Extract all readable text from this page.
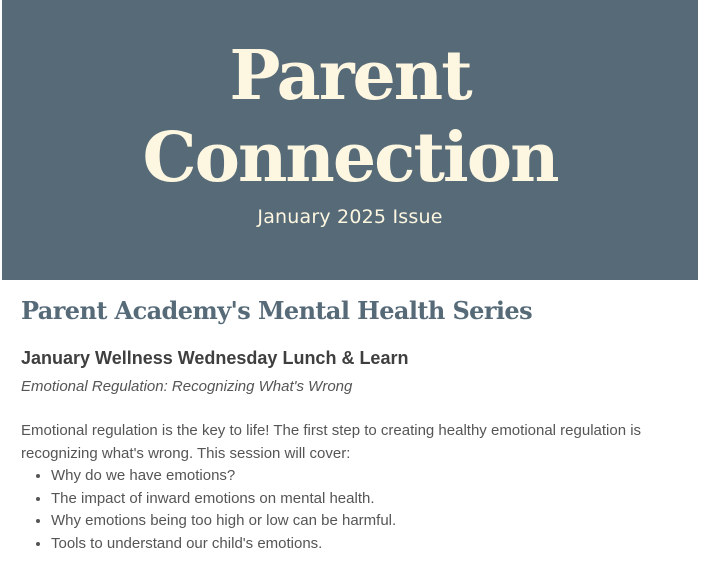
Parent
Connection
January 2025 Issue
Parent Academy's Mental Health Series
January Wellness Wednesday Lunch & Learn

Emotional Regulation: Recognizing What's Wrong

Emotional regulation is the key to life! The first step to creating healthy emotional regulation is recognizing what's wrong. This session will cover:

• Why do we have emotions?
• The impact of inward emotions on mental health.
• Why emotions being too high or low can be harmful.
• Tools to understand our child's emotions.
